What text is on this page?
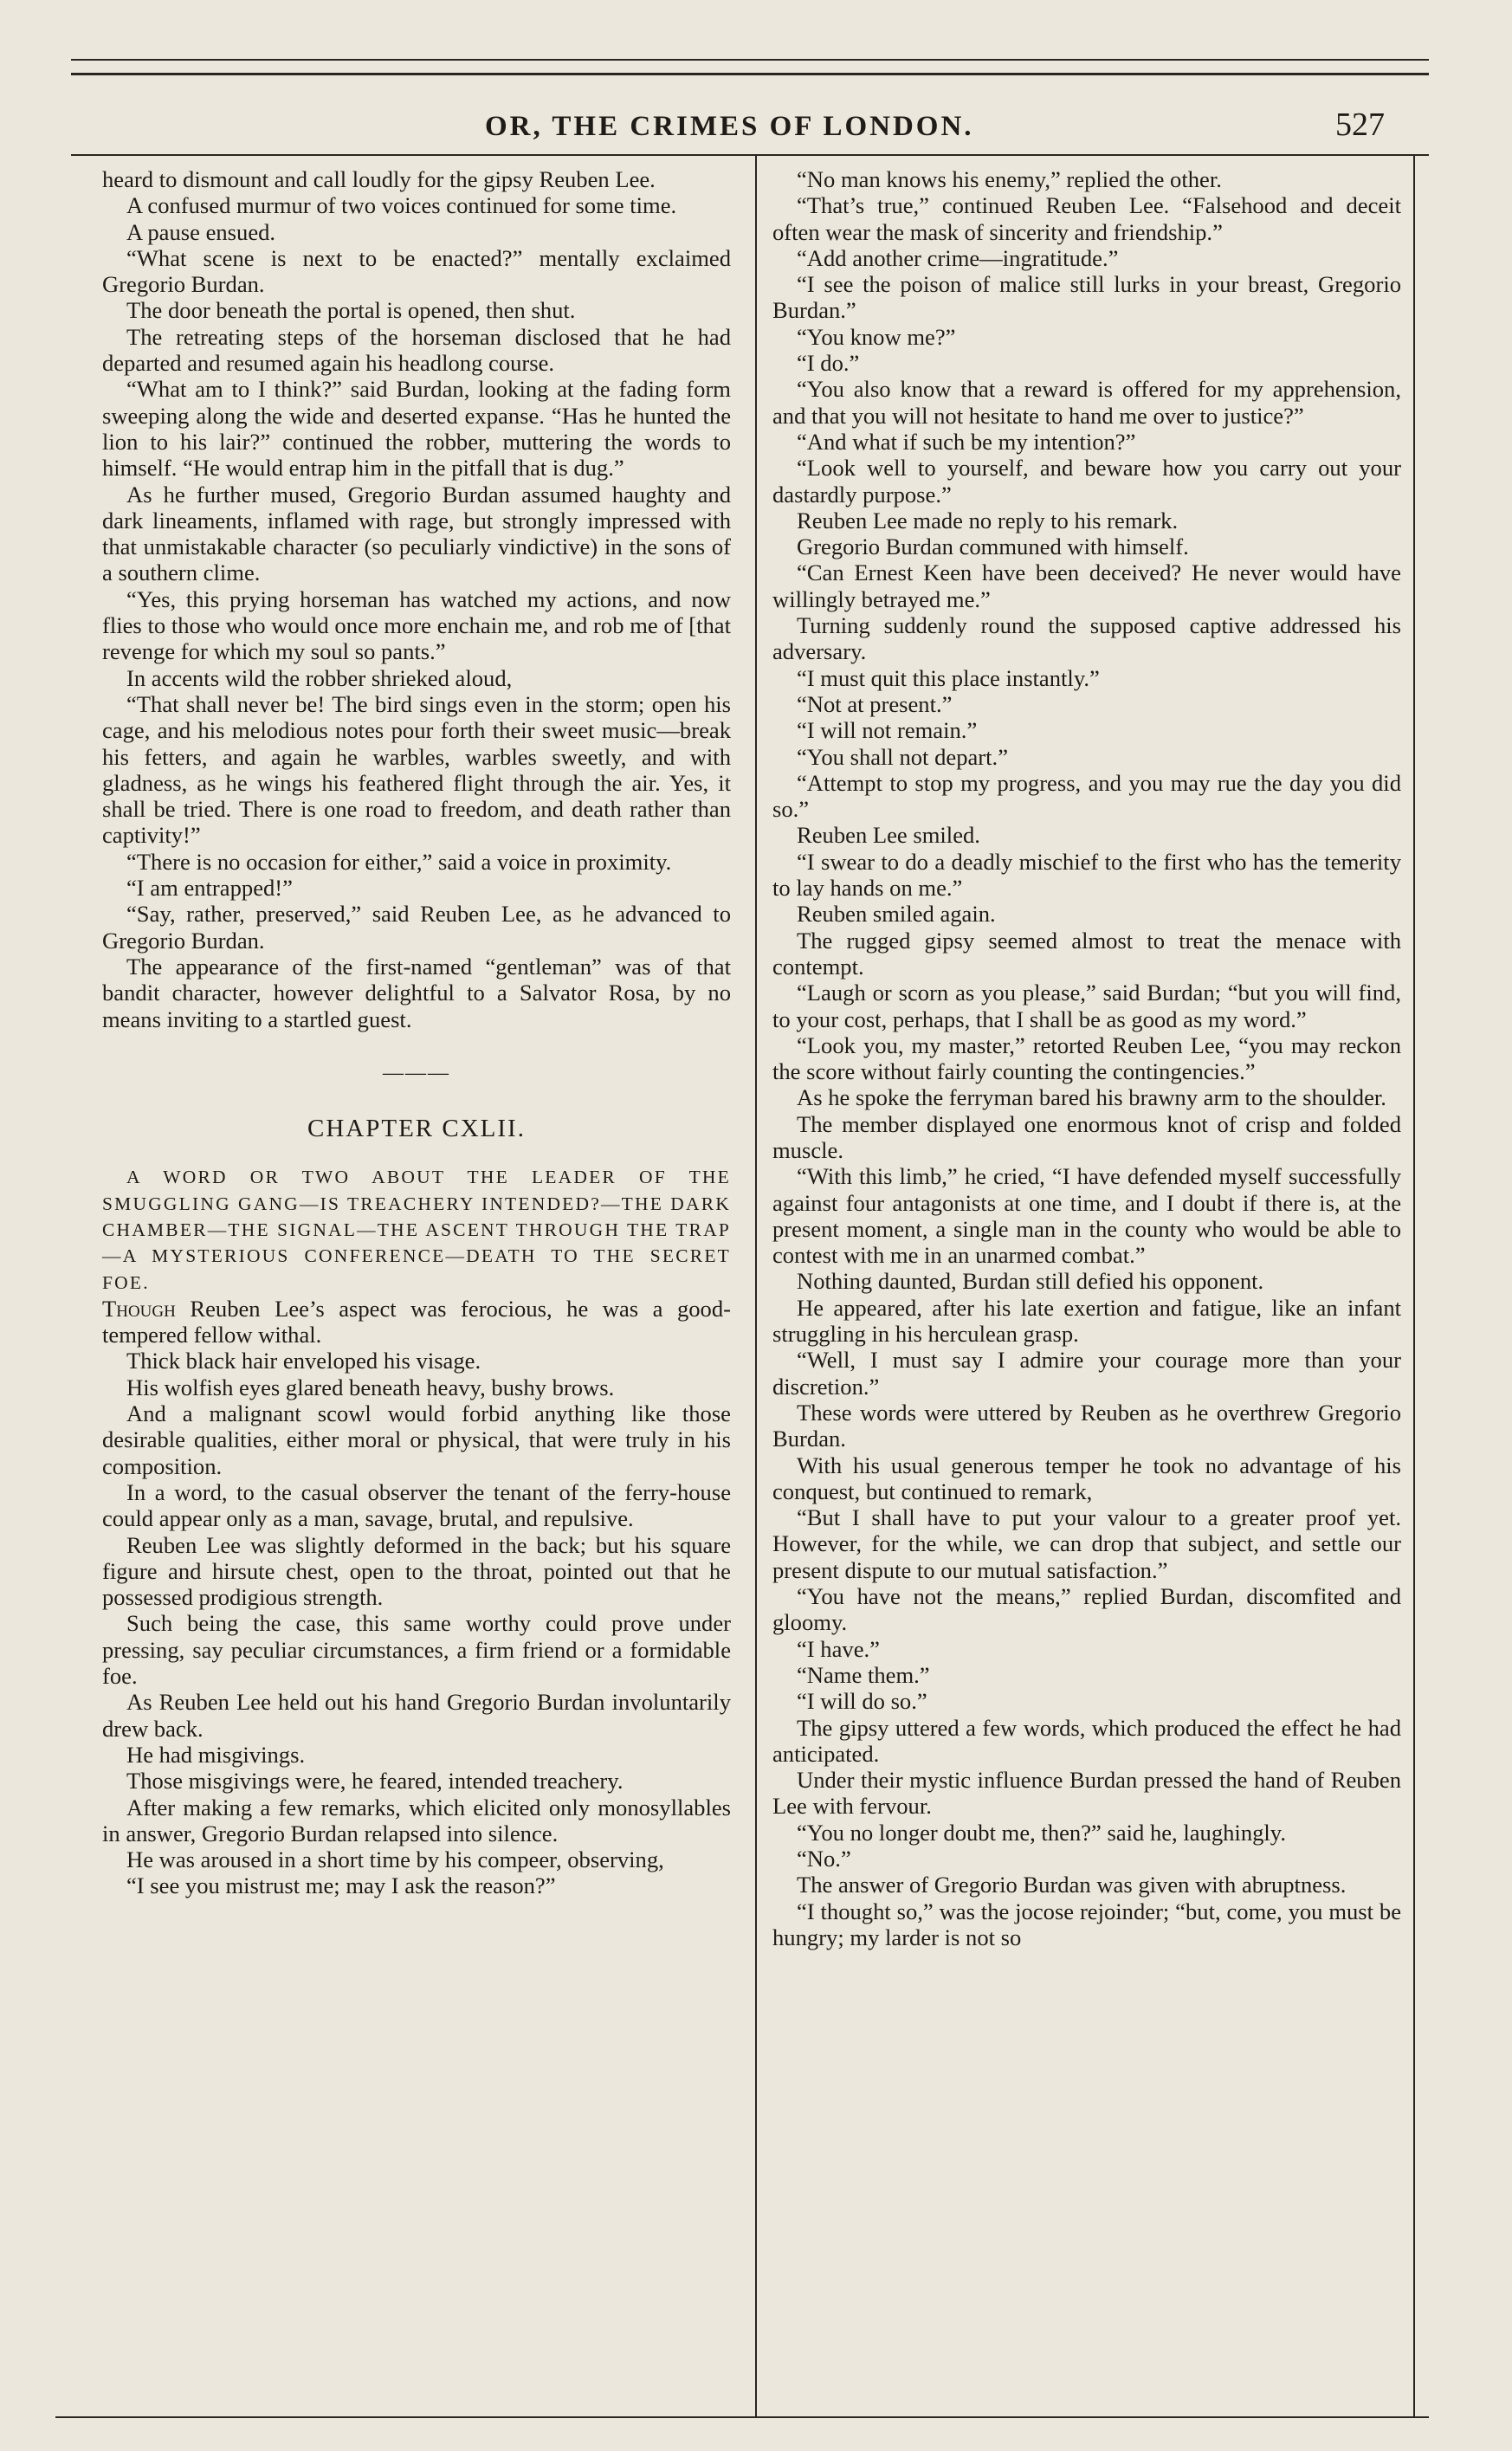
OR, THE CRIMES OF LONDON.	527

heard to dismount and call loudly for the gipsy Reuben Lee.

A confused murmur of two voices continued for some time.

A pause ensued.

“What scene is next to be enacted?” mentally exclaimed Gregorio Burdan.

The door beneath the portal is opened, then shut.

The retreating steps of the horseman disclosed that he had departed and resumed again his headlong course.

“What am to I think?” said Burdan, looking at the fading form sweeping along the wide and deserted expanse. “Has he hunted the lion to his lair?” continued the robber, muttering the words to himself. “He would entrap him in the pitfall that is dug.”

As he further mused, Gregorio Burdan assumed haughty and dark lineaments, inflamed with rage, but strongly impressed with that unmistakable character (so peculiarly vindictive) in the sons of a southern clime.

“Yes, this prying horseman has watched my actions, and now flies to those who would once more enchain me, and rob me of [that revenge for which my soul so pants.”

In accents wild the robber shrieked aloud,

“That shall never be! The bird sings even in the storm; open his cage, and his melodious notes pour forth their sweet music—break his fetters, and again he warbles, warbles sweetly, and with gladness, as he wings his feathered flight through the air. Yes, it shall be tried. There is one road to freedom, and death rather than captivity!”

“There is no occasion for either,” said a voice in proximity.

“I am entrapped!”

“Say, rather, preserved,” said Reuben Lee, as he advanced to Gregorio Burdan.

The appearance of the first-named “gentleman” was of that bandit character, however delightful to a Salvator Rosa, by no means inviting to a startled guest.

———
CHAPTER CXLII.

A WORD OR TWO ABOUT THE LEADER OF THE SMUGGLING GANG—IS TREACHERY INTENDED?—THE DARK CHAMBER—THE SIGNAL—THE ASCENT THROUGH THE TRAP—A MYSTERIOUS CONFERENCE—DEATH TO THE SECRET FOE.

Though Reuben Lee’s aspect was ferocious, he was a good-tempered fellow withal.

Thick black hair enveloped his visage.

His wolfish eyes glared beneath heavy, bushy brows.

And a malignant scowl would forbid anything like those desirable qualities, either moral or physical, that were truly in his composition.

In a word, to the casual observer the tenant of the ferry-house could appear only as a man, savage, brutal, and repulsive.

Reuben Lee was slightly deformed in the back; but his square figure and hirsute chest, open to the throat, pointed out that he possessed prodigious strength.

Such being the case, this same worthy could prove under pressing, say peculiar circumstances, a firm friend or a formidable foe.

As Reuben Lee held out his hand Gregorio Burdan involuntarily drew back.

He had misgivings.

Those misgivings were, he feared, intended treachery.

After making a few remarks, which elicited only monosyllables in answer, Gregorio Burdan relapsed into silence.

He was aroused in a short time by his compeer, observing,

“I see you mistrust me; may I ask the reason?”

“No man knows his enemy,” replied the other.

“That’s true,” continued Reuben Lee. “Falsehood and deceit often wear the mask of sincerity and friendship.”

“Add another crime—ingratitude.”

“I see the poison of malice still lurks in your breast, Gregorio Burdan.”

“You know me?”

“I do.”

“You also know that a reward is offered for my apprehension, and that you will not hesitate to hand me over to justice?”

“And what if such be my intention?”

“Look well to yourself, and beware how you carry out your dastardly purpose.”

Reuben Lee made no reply to his remark.

Gregorio Burdan communed with himself.

“Can Ernest Keen have been deceived? He never would have willingly betrayed me.”

Turning suddenly round the supposed captive addressed his adversary.

“I must quit this place instantly.”

“Not at present.”

“I will not remain.”

“You shall not depart.”

“Attempt to stop my progress, and you may rue the day you did so.”

Reuben Lee smiled.

“I swear to do a deadly mischief to the first who has the temerity to lay hands on me.”

Reuben smiled again.

The rugged gipsy seemed almost to treat the menace with contempt.

“Laugh or scorn as you please,” said Burdan; “but you will find, to your cost, perhaps, that I shall be as good as my word.”

“Look you, my master,” retorted Reuben Lee, “you may reckon the score without fairly counting the contingencies.”

As he spoke the ferryman bared his brawny arm to the shoulder.

The member displayed one enormous knot of crisp and folded muscle.

“With this limb,” he cried, “I have defended myself successfully against four antagonists at one time, and I doubt if there is, at the present moment, a single man in the county who would be able to contest with me in an unarmed combat.”

Nothing daunted, Burdan still defied his opponent.

He appeared, after his late exertion and fatigue, like an infant struggling in his herculean grasp.

“Well, I must say I admire your courage more than your discretion.”

These words were uttered by Reuben as he overthrew Gregorio Burdan.

With his usual generous temper he took no advantage of his conquest, but continued to remark,

“But I shall have to put your valour to a greater proof yet. However, for the while, we can drop that subject, and settle our present dispute to our mutual satisfaction.”

“You have not the means,” replied Burdan, discomfited and gloomy.

“I have.”

“Name them.”

“I will do so.”

The gipsy uttered a few words, which produced the effect he had anticipated.

Under their mystic influence Burdan pressed the hand of Reuben Lee with fervour.

“You no longer doubt me, then?” said he, laughingly.

“No.”

The answer of Gregorio Burdan was given with abruptness.

“I thought so,” was the jocose rejoinder; “but, come, you must be hungry; my larder is not so
